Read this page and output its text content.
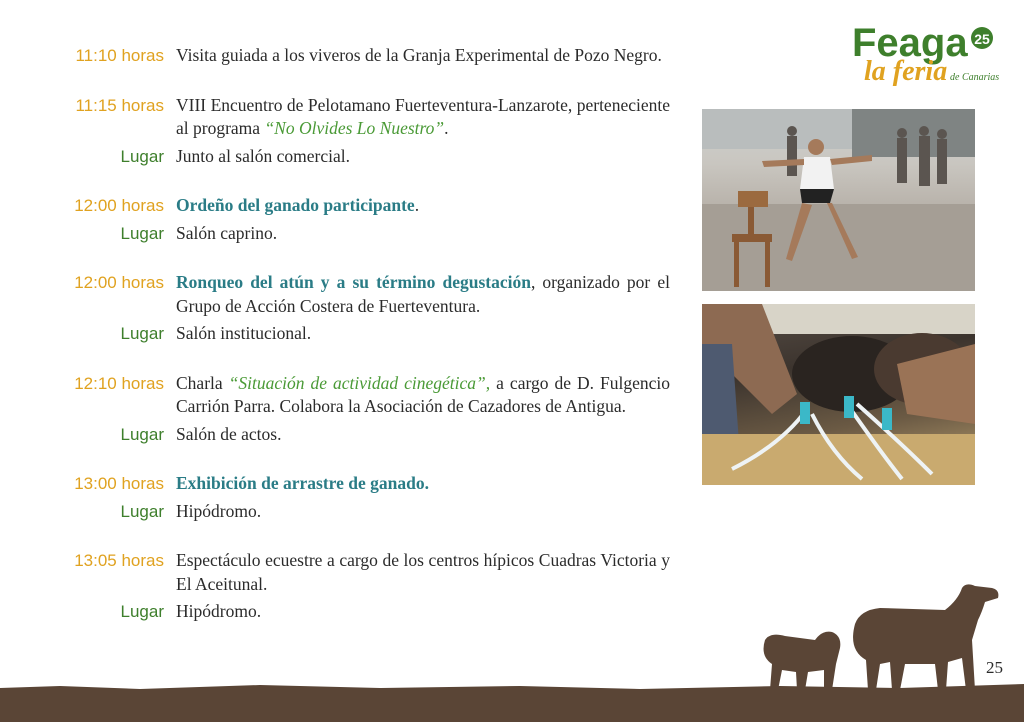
11:10 horas Visita guiada a los viveros de la Granja Experimental de Pozo Negro.
11:15 horas VIII Encuentro de Pelotamano Fuerteventura-Lanzarote, perteneciente al programa “No Olvides Lo Nuestro”.
Lugar Junto al salón comercial.
12:00 horas Ordeño del ganado participante.
Lugar Salón caprino.
12:00 horas Ronqueo del atún y a su término degustación, organizado por el Grupo de Acción Costera de Fuerteventura.
Lugar Salón institucional.
12:10 horas Charla “Situación de actividad cinegética”, a cargo de D. Fulgencio Carrión Parra. Colabora la Asociación de Cazadores de Antigua.
Lugar Salón de actos.
13:00 horas Exhibición de arrastre de ganado.
Lugar Hipódromo.
13:05 horas Espectáculo ecuestre a cargo de los centros hípicos Cuadras Victoria y El Aceitunal.
Lugar Hipódromo.
Feaga 25
la feria de Canarias
25
